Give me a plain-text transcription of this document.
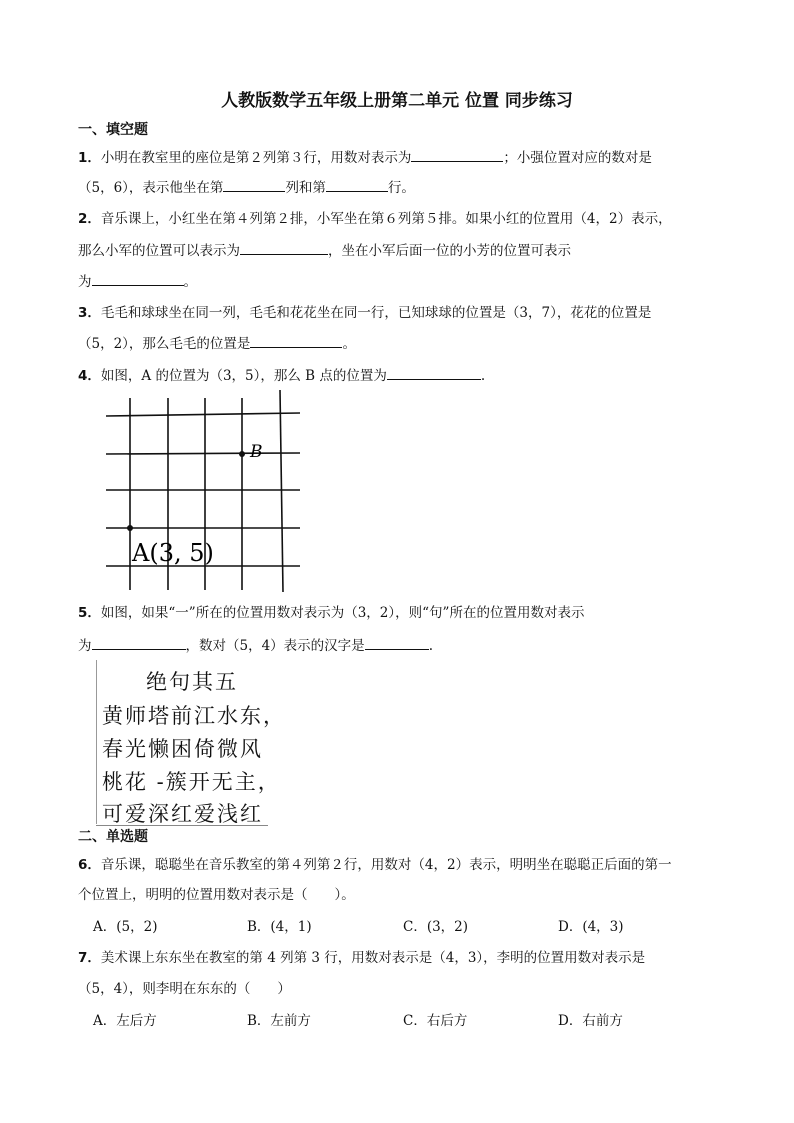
人教版数学五年级上册第二单元 位置 同步练习
一、填空题
1．小明在教室里的座位是第２列第３行，用数对表示为	；小强位置对应的数对是
（5，6），表示他坐在第	列和第	行。
2．音乐课上，小红坐在第４列第２排，小军坐在第６列第５排。如果小红的位置用（4，2）表示，
那么小军的位置可以表示为	，坐在小军后面一位的小芳的位置可表示
为	。
3．毛毛和球球坐在同一列，毛毛和花花坐在同一行，已知球球的位置是（3，7），花花的位置是
（5，2），那么毛毛的位置是	。
4．如图，A 的位置为（3，5），那么 B 点的位置为	.
B
A(3, 5)
5．如图，如果“一”所在的位置用数对表示为（3，2），则“句”所在的位置用数对表示
为	，数对（5，4）表示的汉字是	.
绝句其五
黄师塔前江水东，
春光懒困倚微风
桃花 -簇开无主，
可爱深红爱浅红
二、单选题
6．音乐课，聪聪坐在音乐教室的第４列第２行，用数对（4，2）表示，明明坐在聪聪正后面的第一
个位置上，明明的位置用数对表示是（　　）。
A．(5，2)	B．(4，1)	C．(3，2)	D．(4，3)
7．美术课上东东坐在教室的第 4 列第 3 行，用数对表示是（4，3），李明的位置用数对表示是
（5，4），则李明在东东的（　　）
A．左后方	B．左前方	C．右后方	D．右前方
